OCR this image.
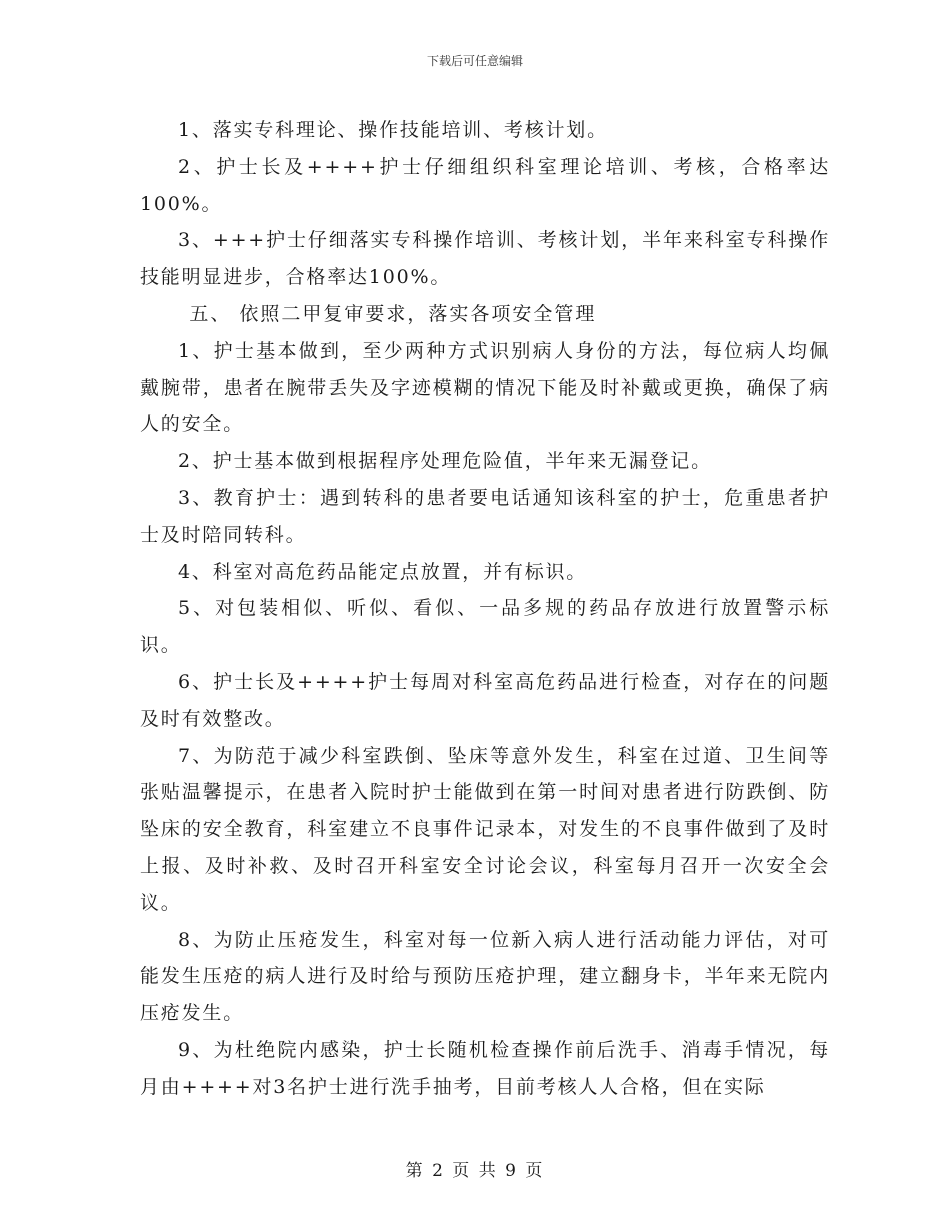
下载后可任意编辑

1、落实专科理论、操作技能培训、考核计划。

2、护士长及++++护士仔细组织科室理论培训、考核，合格率达100%。

3、+++护士仔细落实专科操作培训、考核计划，半年来科室专科操作技能明显进步，合格率达100%。

五、 依照二甲复审要求，落实各项安全管理

1、护士基本做到，至少两种方式识别病人身份的方法，每位病人均佩戴腕带，患者在腕带丢失及字迹模糊的情况下能及时补戴或更换，确保了病人的安全。

2、护士基本做到根据程序处理危险值，半年来无漏登记。

3、教育护士：遇到转科的患者要电话通知该科室的护士，危重患者护士及时陪同转科。

4、科室对高危药品能定点放置，并有标识。

5、对包装相似、听似、看似、一品多规的药品存放进行放置警示标识。

6、护士长及++++护士每周对科室高危药品进行检查，对存在的问题及时有效整改。

7、为防范于减少科室跌倒、坠床等意外发生，科室在过道、卫生间等张贴温馨提示，在患者入院时护士能做到在第一时间对患者进行防跌倒、防坠床的安全教育，科室建立不良事件记录本，对发生的不良事件做到了及时上报、及时补救、及时召开科室安全讨论会议，科室每月召开一次安全会议。

8、为防止压疮发生，科室对每一位新入病人进行活动能力评估，对可能发生压疮的病人进行及时给与预防压疮护理，建立翻身卡，半年来无院内压疮发生。

9、为杜绝院内感染，护士长随机检查操作前后洗手、消毒手情况，每月由++++对3名护士进行洗手抽考，目前考核人人合格，但在实际

第 2 页 共 9 页
